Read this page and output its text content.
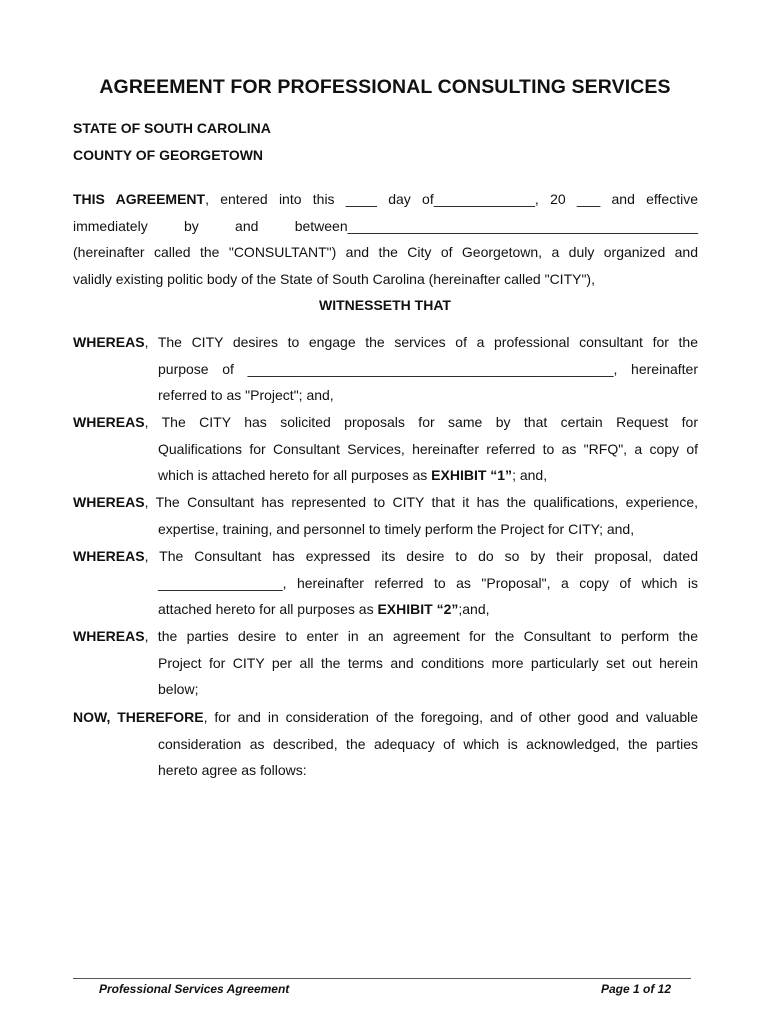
AGREEMENT FOR PROFESSIONAL CONSULTING SERVICES
STATE OF SOUTH CAROLINA
COUNTY OF GEORGETOWN

THIS AGREEMENT, entered into this ____ day of_____________, 20 ___ and effective

immediately by and between_____________________________________________

(hereinafter called the "CONSULTANT") and the City of Georgetown, a duly organized and

validly existing politic body of the State of South Carolina (hereinafter called "CITY"),

WITNESSETH THAT

WHEREAS, The CITY desires to engage the services of a professional consultant for the

purpose of _______________________________________________, hereinafter

referred to as "Project"; and,

WHEREAS, The CITY has solicited proposals for same by that certain Request for

Qualifications for Consultant Services, hereinafter referred to as "RFQ", a copy of

which is attached hereto for all purposes as EXHIBIT “1”; and,

WHEREAS, The Consultant has represented to CITY that it has the qualifications, experience,

expertise, training, and personnel to timely perform the Project for CITY; and,

WHEREAS, The Consultant has expressed its desire to do so by their proposal, dated

________________, hereinafter referred to as "Proposal", a copy of which is

attached hereto for all purposes as EXHIBIT “2”;and,

WHEREAS, the parties desire to enter in an agreement for the Consultant to perform the

Project for CITY per all the terms and conditions more particularly set out herein

below;

NOW, THEREFORE, for and in consideration of the foregoing, and of other good and valuable

consideration as described, the adequacy of which is acknowledged, the parties

hereto agree as follows:

Professional Services Agreement	Page 1 of 12
